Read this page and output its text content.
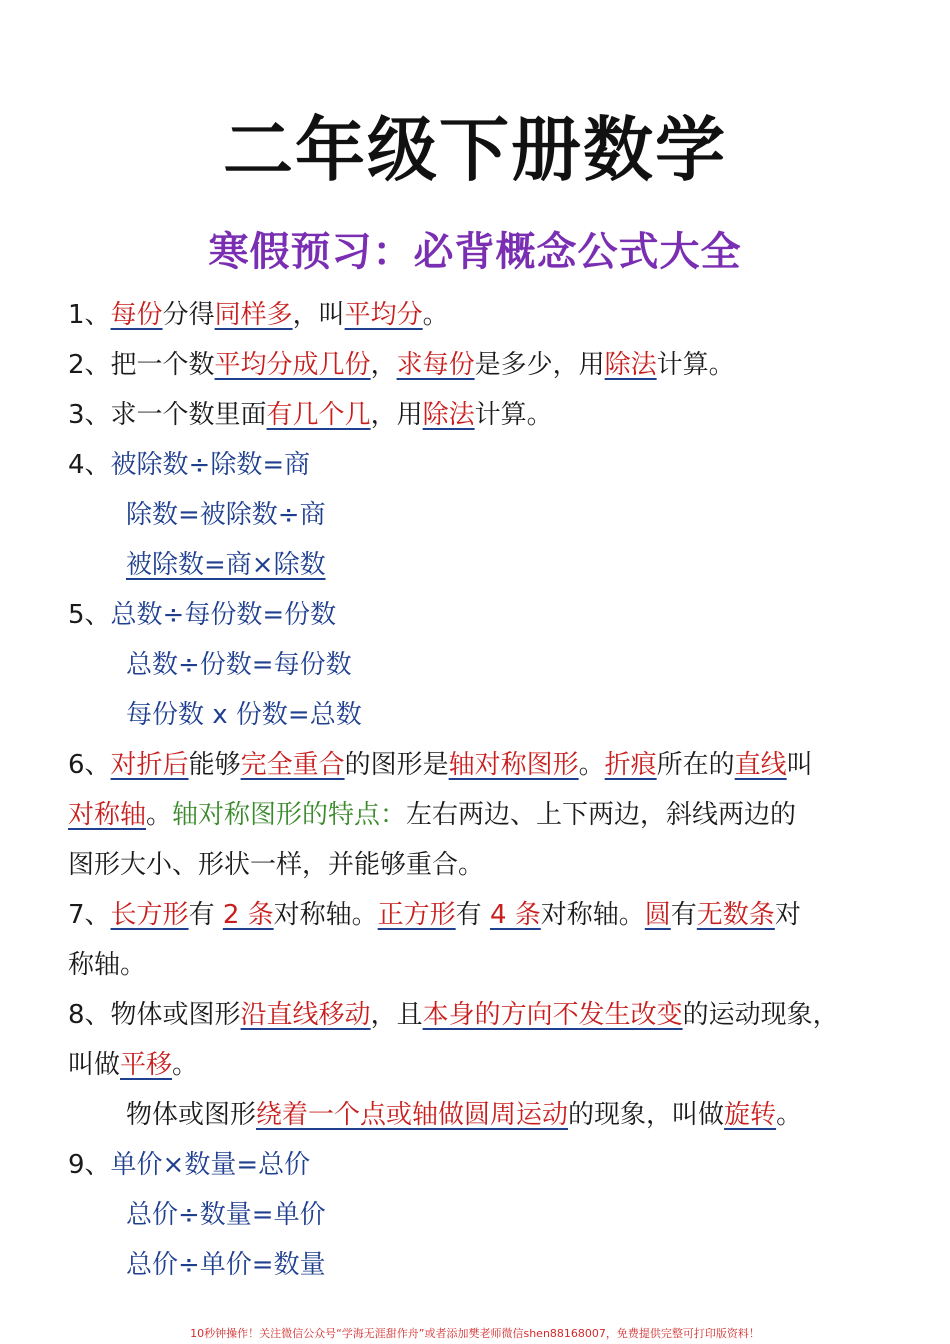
二年级下册数学
寒假预习：必背概念公式大全
1、每份分得同样多，叫平均分。
2、把一个数平均分成几份，求每份是多少，用除法计算。
3、求一个数里面有几个几，用除法计算。
4、被除数÷除数=商
除数=被除数÷商
被除数=商×除数
5、总数÷每份数=份数
总数÷份数=每份数
每份数 x 份数=总数
6、对折后能够完全重合的图形是轴对称图形。折痕所在的直线叫
对称轴。轴对称图形的特点：左右两边、上下两边，斜线两边的
图形大小、形状一样，并能够重合。
7、长方形有 2 条对称轴。正方形有 4 条对称轴。圆有无数条对
称轴。
8、物体或图形沿直线移动，且本身的方向不发生改变的运动现象，
叫做平移。
物体或图形绕着一个点或轴做圆周运动的现象，叫做旋转。
9、单价×数量=总价
总价÷数量=单价
总价÷单价=数量
10秒钟操作！关注微信公众号“学海无涯甜作舟”或者添加樊老师微信shen88168007，免费提供完整可打印版资料！
